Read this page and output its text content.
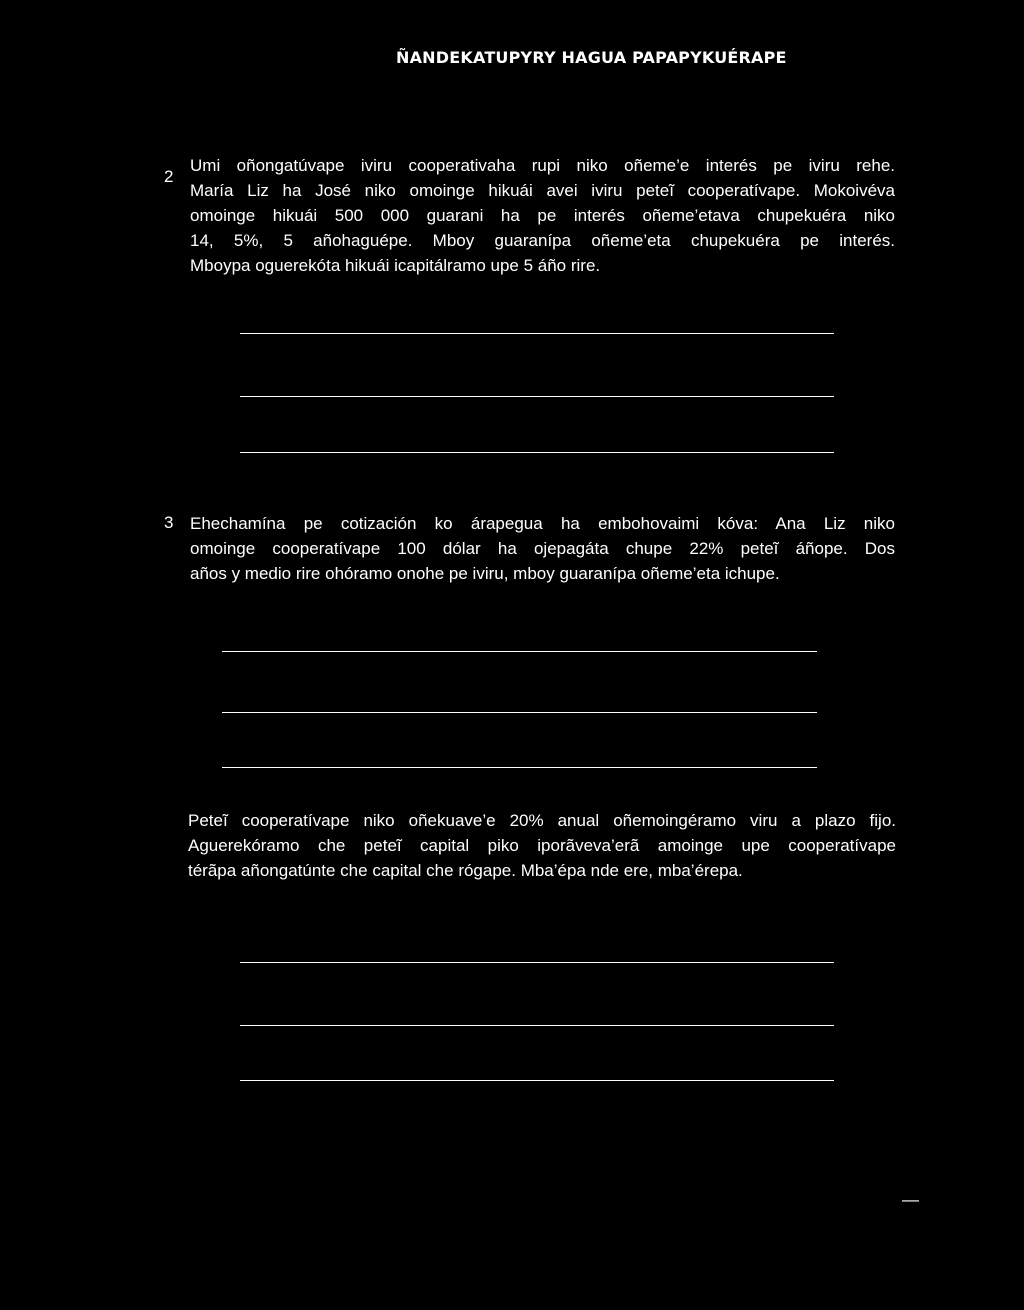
ÑANDEKATUPYRY HAGUA PAPAPYKUÉRAPE
2

Umi oñongatúvape iviru cooperativaha rupi niko oñeme’e interés pe iviru rehe.

María Liz ha José niko omoinge hikuái avei iviru peteĩ cooperatívape. Mokoivéva

omoinge hikuái 500 000 guarani ha pe interés oñeme’etava chupekuéra niko

14, 5%, 5 añohaguépe. Mboy guaranípa oñeme’eta chupekuéra pe interés.

Mboypa oguerekóta hikuái icapitálramo upe 5 áño rire.

3 Ehechamína pe cotización ko árapegua ha embohovaimi kóva: Ana Liz niko

omoinge cooperatívape 100 dólar ha ojepagáta chupe 22% peteĩ áñope. Dos

años y medio rire ohóramo onohe pe iviru, mboy guaranípa oñeme’eta ichupe.

Peteĩ cooperatívape niko oñekuave’e 20% anual oñemoingéramo viru a plazo fijo.

Aguerekóramo che peteĩ capital piko iporãveva’erã amoinge upe cooperatívape

térãpa añongatúnte che capital che rógape. Mba’épa nde ere, mba’érepa.

—
